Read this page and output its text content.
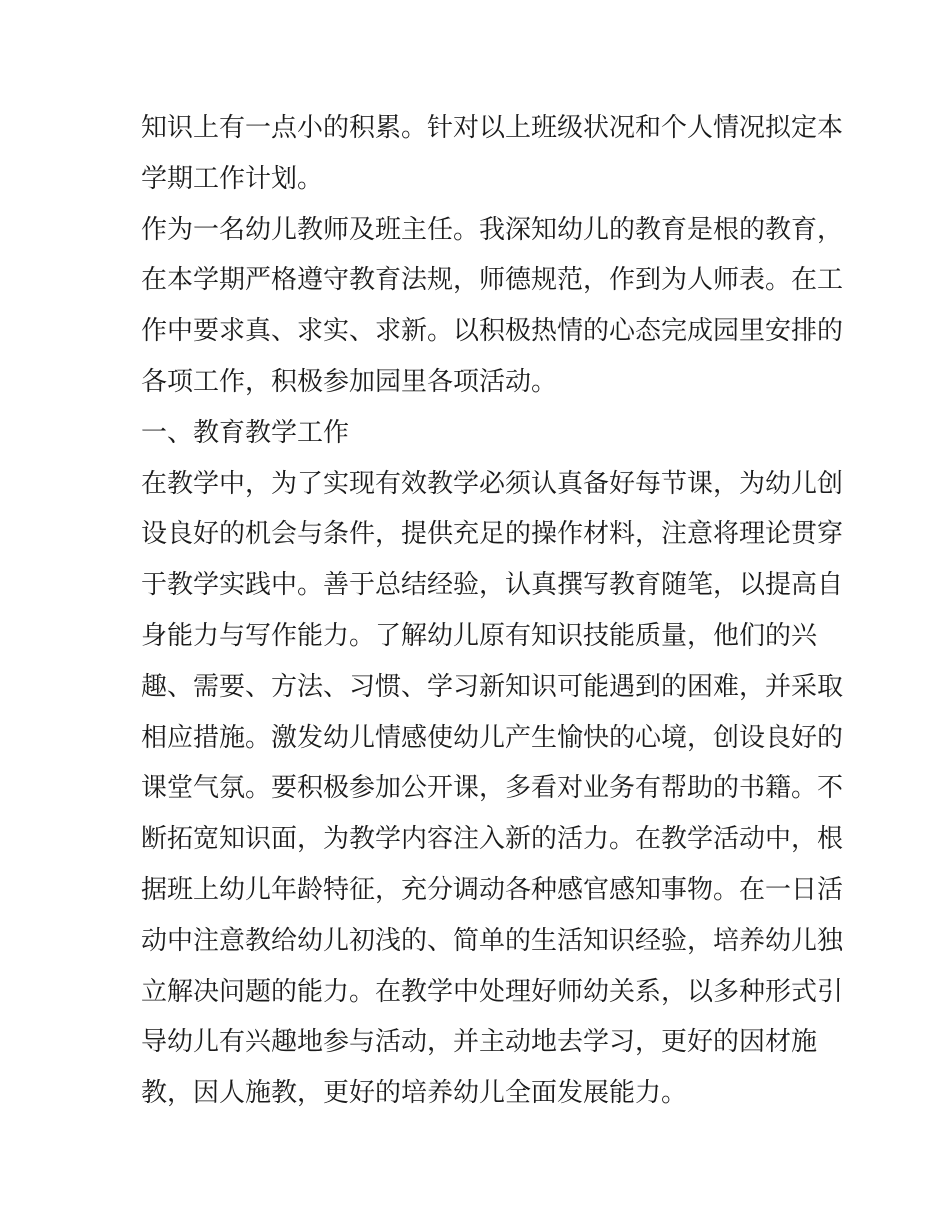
知识上有一点小的积累。针对以上班级状况和个人情况拟定本
学期工作计划。
作为一名幼儿教师及班主任。我深知幼儿的教育是根的教育，
在本学期严格遵守教育法规，师德规范，作到为人师表。在工
作中要求真、求实、求新。以积极热情的心态完成园里安排的
各项工作，积极参加园里各项活动。
一、教育教学工作
在教学中，为了实现有效教学必须认真备好每节课，为幼儿创
设良好的机会与条件，提供充足的操作材料，注意将理论贯穿
于教学实践中。善于总结经验，认真撰写教育随笔，以提高自
身能力与写作能力。了解幼儿原有知识技能质量，他们的兴
趣、需要、方法、习惯、学习新知识可能遇到的困难，并采取
相应措施。激发幼儿情感使幼儿产生愉快的心境，创设良好的
课堂气氛。要积极参加公开课，多看对业务有帮助的书籍。不
断拓宽知识面，为教学内容注入新的活力。在教学活动中，根
据班上幼儿年龄特征，充分调动各种感官感知事物。在一日活
动中注意教给幼儿初浅的、简单的生活知识经验，培养幼儿独
立解决问题的能力。在教学中处理好师幼关系，以多种形式引
导幼儿有兴趣地参与活动，并主动地去学习，更好的因材施
教，因人施教，更好的培养幼儿全面发展能力。
